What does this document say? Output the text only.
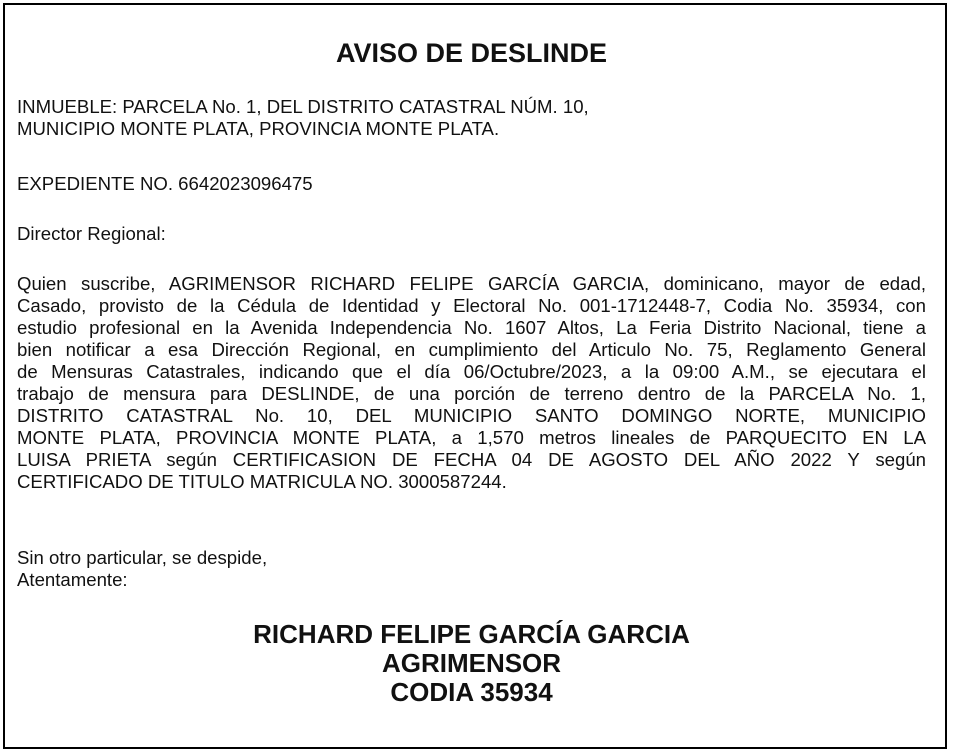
AVISO DE DESLINDE
INMUEBLE: PARCELA No. 1, DEL DISTRITO CATASTRAL NÚM. 10,
MUNICIPIO MONTE PLATA, PROVINCIA MONTE PLATA.
EXPEDIENTE NO. 6642023096475
Director Regional:
Quien suscribe, AGRIMENSOR RICHARD FELIPE GARCÍA GARCIA, dominicano, mayor de edad,
Casado, provisto de la Cédula de Identidad y Electoral No. 001-1712448-7, Codia No. 35934, con
estudio profesional en la Avenida Independencia No. 1607 Altos, La Feria Distrito Nacional, tiene a
bien notificar a esa Dirección Regional, en cumplimiento del Articulo No. 75, Reglamento General
de Mensuras Catastrales, indicando que el día 06/Octubre/2023, a la 09:00 A.M., se ejecutara el
trabajo de mensura para DESLINDE, de una porción de terreno dentro de la PARCELA No. 1,
DISTRITO CATASTRAL No. 10, DEL MUNICIPIO SANTO DOMINGO NORTE, MUNICIPIO
MONTE PLATA, PROVINCIA MONTE PLATA, a 1,570 metros lineales de PARQUECITO EN LA
LUISA PRIETA según CERTIFICASION DE FECHA 04 DE AGOSTO DEL AÑO 2022 Y según
CERTIFICADO DE TITULO MATRICULA NO. 3000587244.
Sin otro particular, se despide,
Atentamente:
RICHARD FELIPE GARCÍA GARCIA
AGRIMENSOR
CODIA 35934
